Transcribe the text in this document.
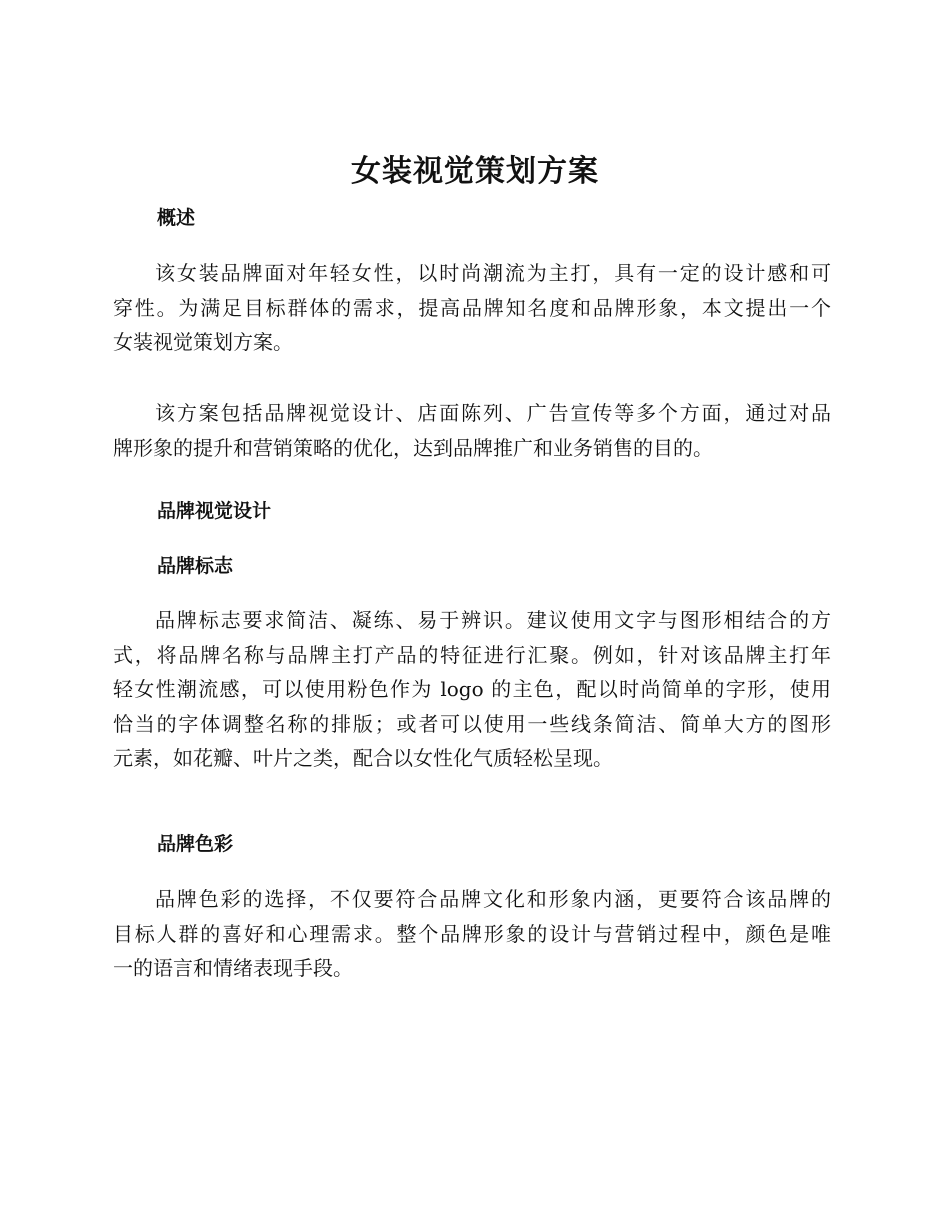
女装视觉策划方案
概述
该女装品牌面对年轻女性，以时尚潮流为主打，具有一定的设计感和可
穿性。为满足目标群体的需求，提高品牌知名度和品牌形象，本文提出一个
女装视觉策划方案。
该方案包括品牌视觉设计、店面陈列、广告宣传等多个方面，通过对品
牌形象的提升和营销策略的优化，达到品牌推广和业务销售的目的。
品牌视觉设计
品牌标志
品牌标志要求简洁、凝练、易于辨识。建议使用文字与图形相结合的方
式，将品牌名称与品牌主打产品的特征进行汇聚。例如，针对该品牌主打年
轻女性潮流感，可以使用粉色作为 logo 的主色，配以时尚简单的字形，使用
恰当的字体调整名称的排版；或者可以使用一些线条简洁、简单大方的图形
元素，如花瓣、叶片之类，配合以女性化气质轻松呈现。
品牌色彩
品牌色彩的选择，不仅要符合品牌文化和形象内涵，更要符合该品牌的
目标人群的喜好和心理需求。整个品牌形象的设计与营销过程中，颜色是唯
一的语言和情绪表现手段。
